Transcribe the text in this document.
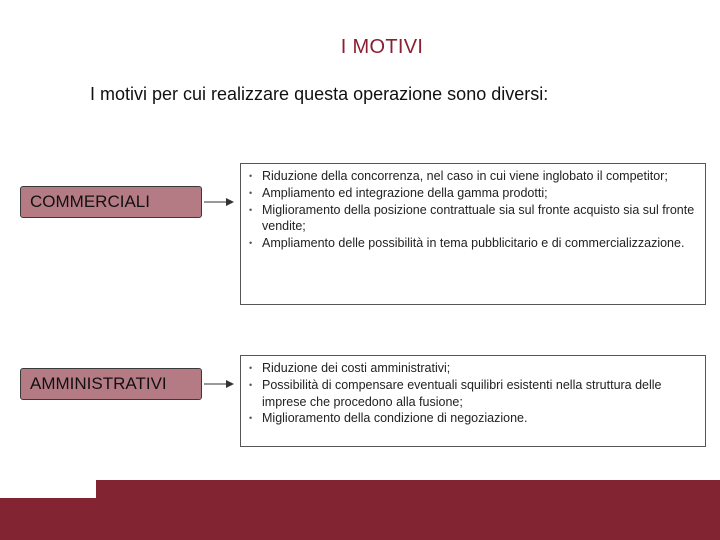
I MOTIVI
I motivi per cui realizzare questa operazione sono diversi:
COMMERCIALI
• Riduzione della concorrenza, nel caso in cui viene inglobato il competitor;
• Ampliamento ed integrazione della gamma prodotti;
• Miglioramento della posizione contrattuale sia sul fronte acquisto sia sul fronte vendite;
• Ampliamento delle possibilità in tema pubblicitario e di commercializzazione.
AMMINISTRATIVI
• Riduzione dei costi amministrativi;
• Possibilità di compensare eventuali squilibri esistenti nella struttura delle imprese che procedono alla fusione;
• Miglioramento della condizione di negoziazione.
